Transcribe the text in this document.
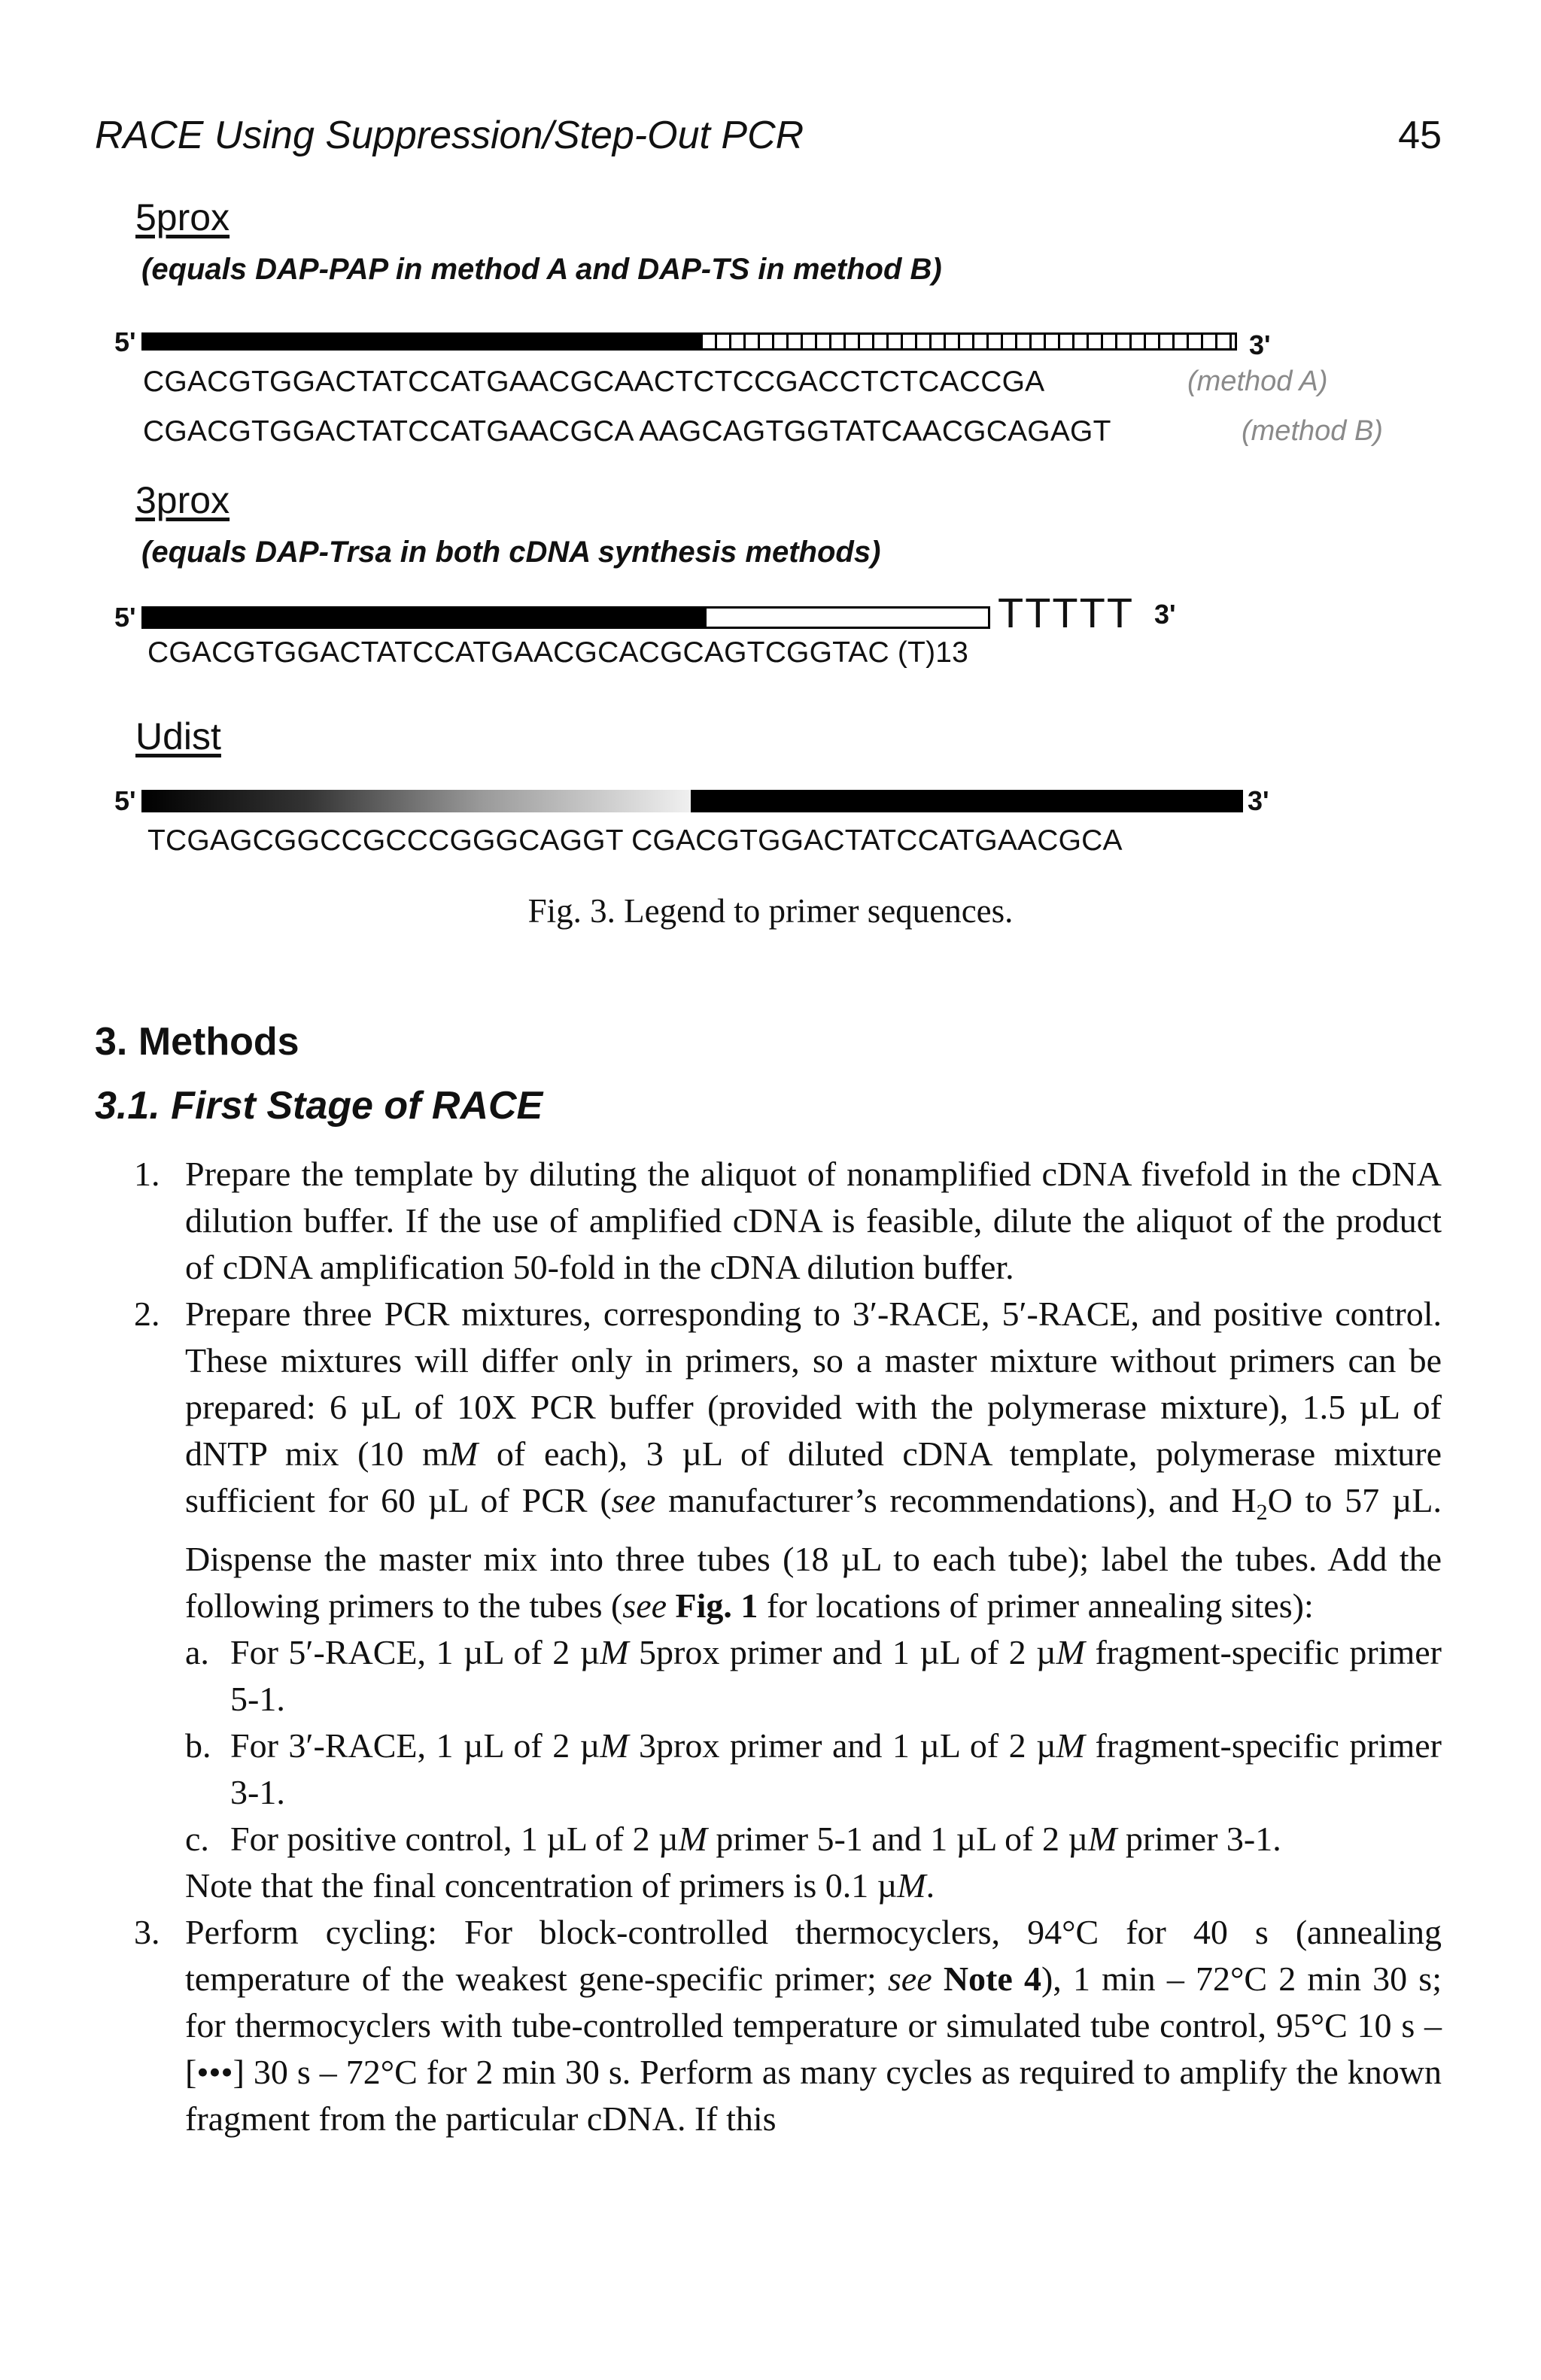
RACE Using Suppression/Step-Out PCR	45
5prox
(equals DAP-PAP in method A and DAP-TS in method B)
5'	3'
CGACGTGGACTATCCATGAACGCAACTCTCCGACCTCTCACCGA	(method A)
CGACGTGGACTATCCATGAACGCA AAGCAGTGGTATCAACGCAGAGT	(method B)
3prox
(equals DAP-Trsa in both cDNA synthesis methods)
5'	TTTTT 3'
CGACGTGGACTATCCATGAACGCACGCAGTCGGTAC (T)13
Udist
5'	3'
TCGAGCGGCCGCCCGGGCAGGT CGACGTGGACTATCCATGAACGCA
Fig. 3. Legend to primer sequences.
3. Methods
3.1. First Stage of RACE
1. Prepare the template by diluting the aliquot of nonamplified cDNA fivefold in the cDNA dilution buffer. If the use of amplified cDNA is feasible, dilute the aliquot of the product of cDNA amplification 50-fold in the cDNA dilution buffer.

2. Prepare three PCR mixtures, corresponding to 3′-RACE, 5′-RACE, and positive control. These mixtures will differ only in primers, so a master mixture without primers can be prepared: 6 µL of 10X PCR buffer (provided with the polymerase mixture), 1.5 µL of dNTP mix (10 mM of each), 3 µL of diluted cDNA template, polymerase mixture sufficient for 60 µL of PCR (see manufacturer’s recommendations), and $H_2O$ to 57 µL. Dispense the master mix into three tubes (18 µL to each tube); label the tubes. Add the following primers to the tubes (see Fig. 1 for locations of primer annealing sites):

a. For 5′-RACE, 1 µL of 2 µM 5prox primer and 1 µL of 2 µM fragment-specific primer 5-1.

b. For 3′-RACE, 1 µL of 2 µM 3prox primer and 1 µL of 2 µM fragment-specific primer 3-1.

c. For positive control, 1 µL of 2 µM primer 5-1 and 1 µL of 2 µM primer 3-1.

Note that the final concentration of primers is 0.1 µM.

3. Perform cycling: For block-controlled thermocyclers, 94°C for 40 s (annealing temperature of the weakest gene-specific primer; see Note 4), 1 min – 72°C 2 min 30 s; for thermocyclers with tube-controlled temperature or simulated tube control, 95°C 10 s – [•••] 30 s – 72°C for 2 min 30 s. Perform as many cycles as required to amplify the known fragment from the particular cDNA. If this
